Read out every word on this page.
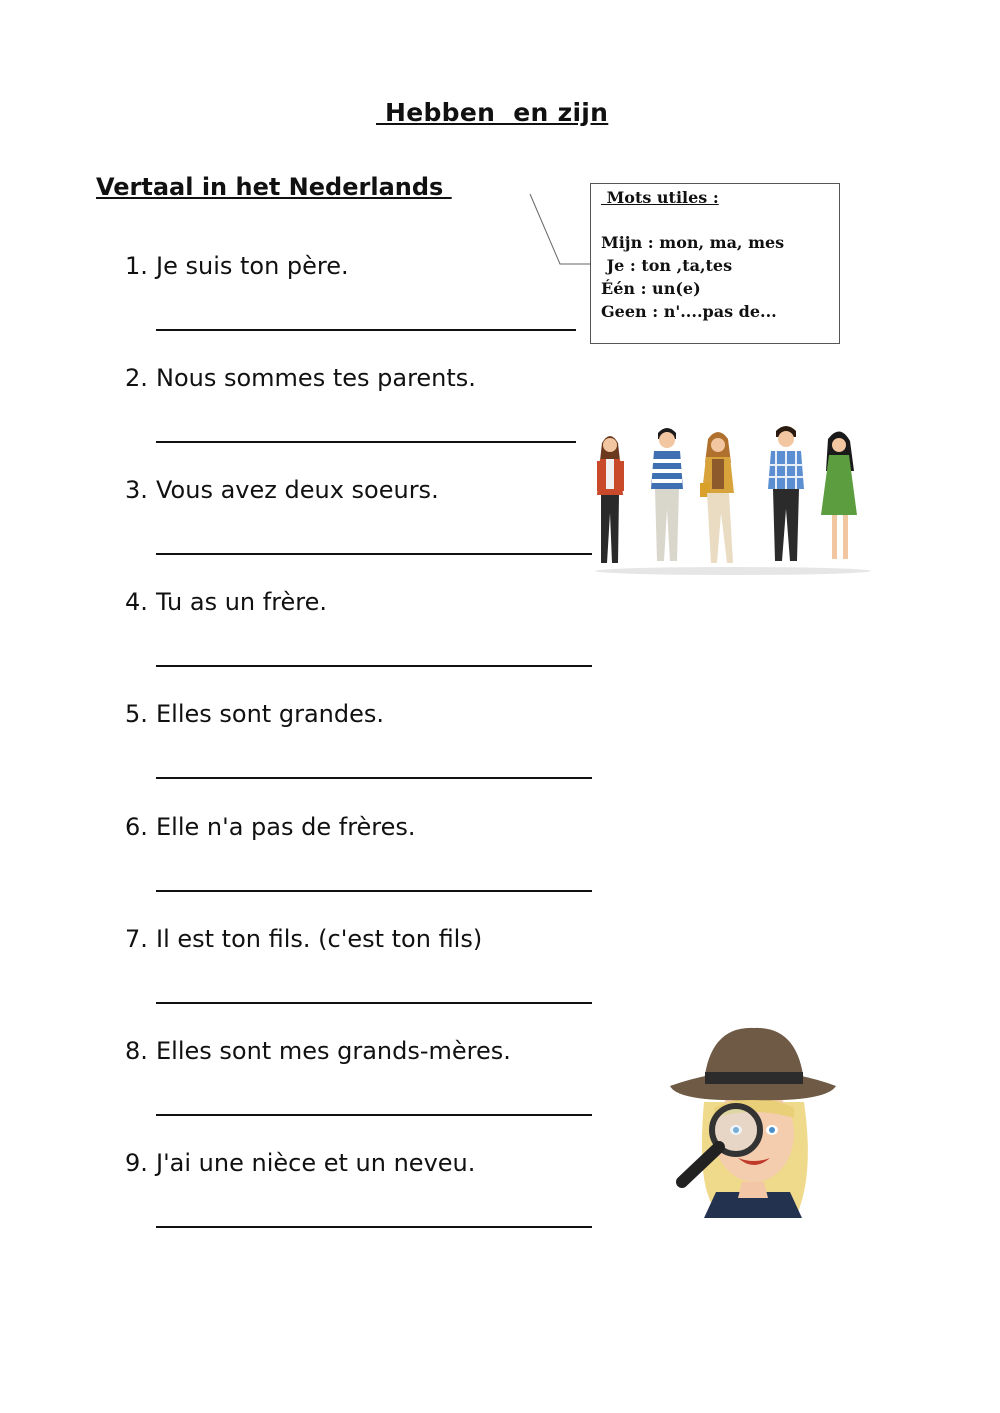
Hebben  en zijn
Vertaal in het Nederlands
1. Je suis ton père.
2. Nous sommes tes parents.
3. Vous avez deux soeurs.
4. Tu as un frère.
5. Elles sont grandes.
6. Elle n'a pas de frères.
7. Il est ton fils. (c'est ton fils)
8. Elles sont mes grands-mères.
9. J'ai une nièce et un neveu.
Mots utiles :
Mijn : mon, ma, mes
Je : ton ,ta,tes
Één : un(e)
Geen : n'....pas de...
